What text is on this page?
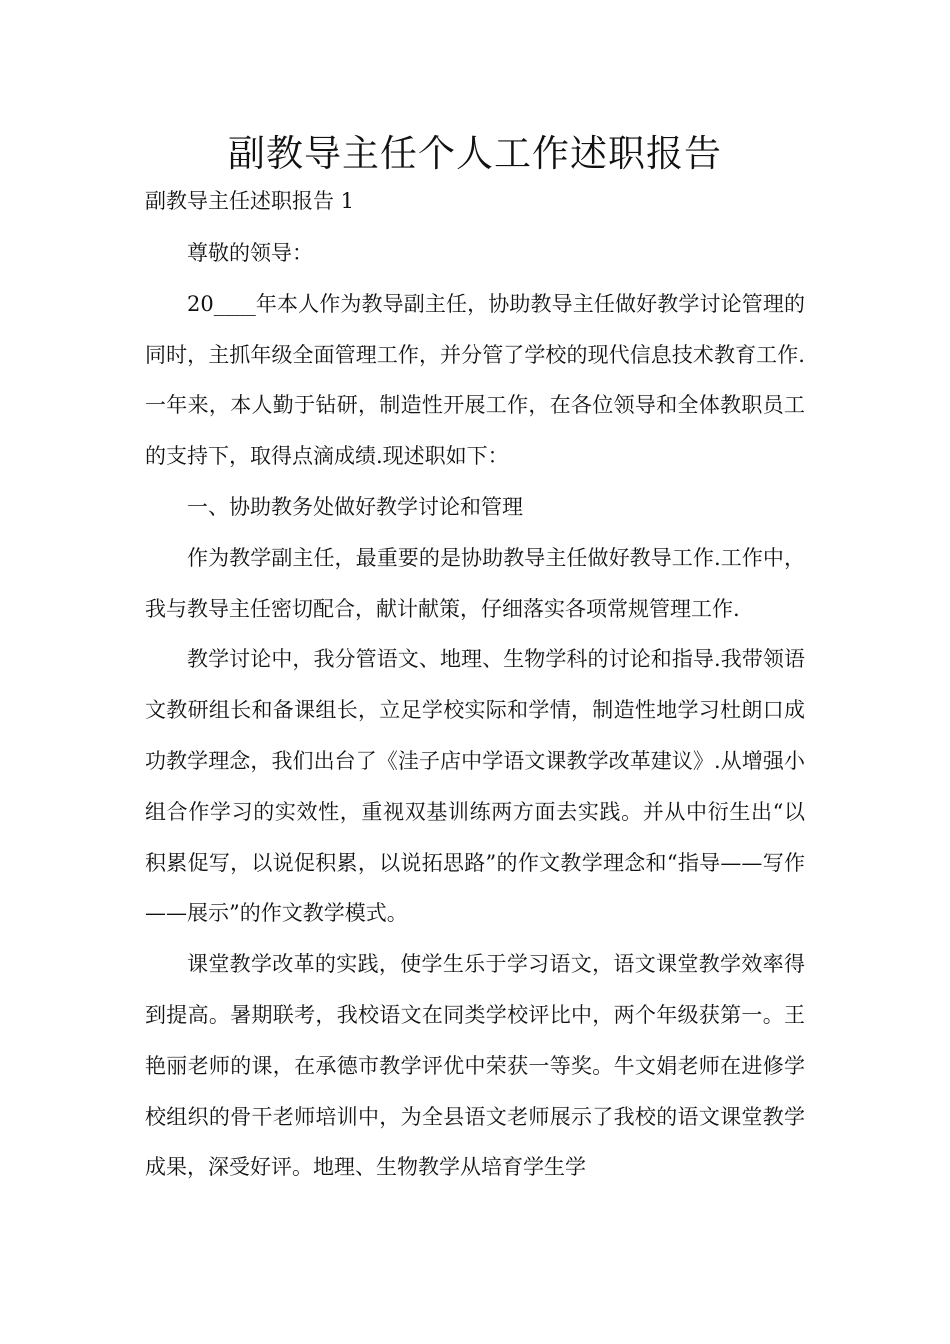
副教导主任个人工作述职报告

副教导主任述职报告 1

尊敬的领导：

20____年本人作为教导副主任，协助教导主任做好教学讨论管理的同时，主抓年级全面管理工作，并分管了学校的现代信息技术教育工作.一年来，本人勤于钻研，制造性开展工作，在各位领导和全体教职员工的支持下，取得点滴成绩.现述职如下：

一、协助教务处做好教学讨论和管理

作为教学副主任，最重要的是协助教导主任做好教导工作.工作中，我与教导主任密切配合，献计献策，仔细落实各项常规管理工作.

教学讨论中，我分管语文、地理、生物学科的讨论和指导.我带领语文教研组长和备课组长，立足学校实际和学情，制造性地学习杜朗口成功教学理念，我们出台了《洼子店中学语文课教学改革建议》.从增强小组合作学习的实效性，重视双基训练两方面去实践。并从中衍生出“以积累促写，以说促积累，以说拓思路”的作文教学理念和“指导——写作——展示”的作文教学模式。

课堂教学改革的实践，使学生乐于学习语文，语文课堂教学效率得到提高。暑期联考，我校语文在同类学校评比中，两个年级获第一。王艳丽老师的课，在承德市教学评优中荣获一等奖。牛文娟老师在进修学校组织的骨干老师培训中，为全县语文老师展示了我校的语文课堂教学成果，深受好评。地理、生物教学从培育学生学
